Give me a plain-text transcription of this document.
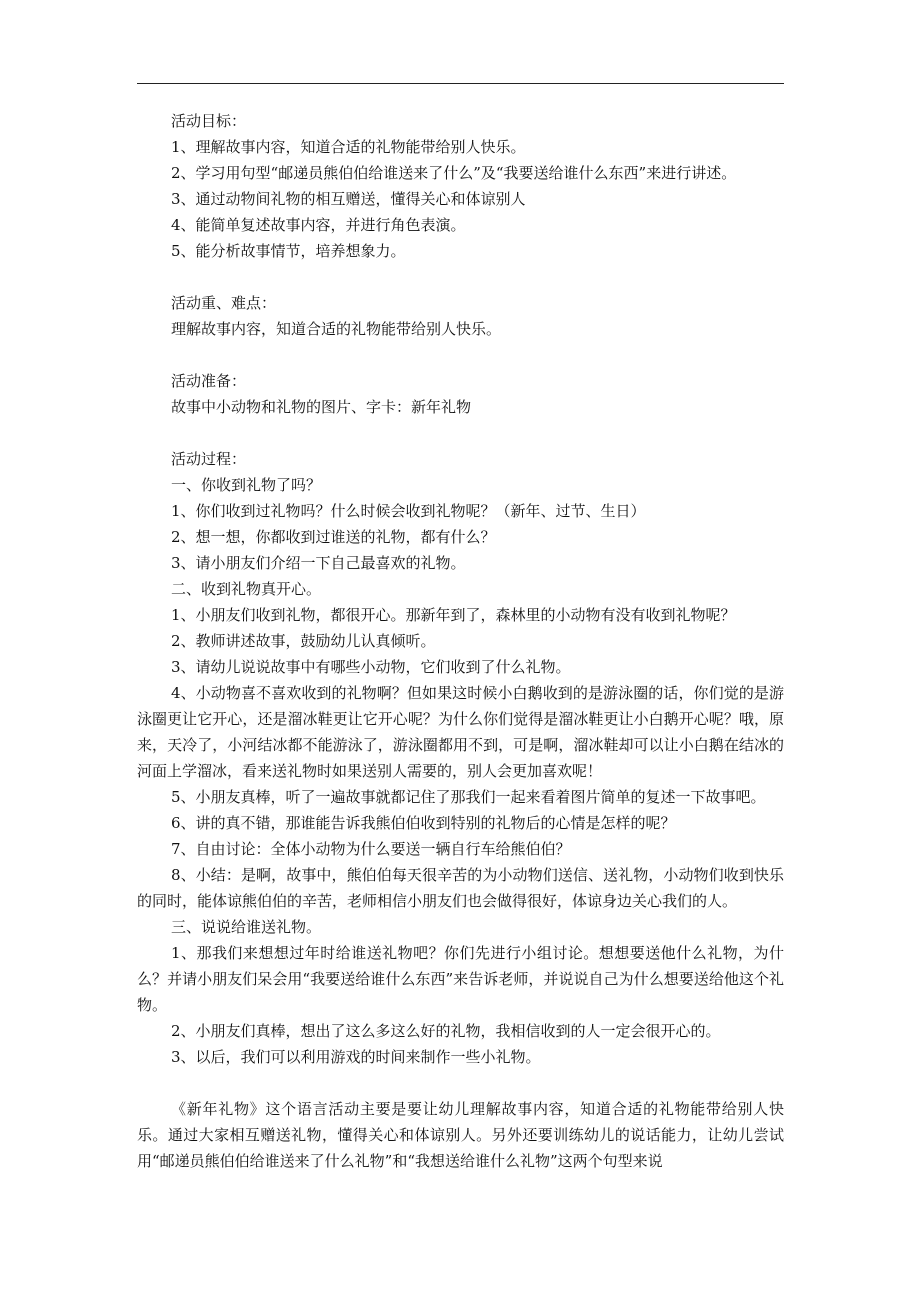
活动目标：

1、理解故事内容，知道合适的礼物能带给别人快乐。

2、学习用句型“邮递员熊伯伯给谁送来了什么”及“我要送给谁什么东西”来进行讲述。

3、通过动物间礼物的相互赠送，懂得关心和体谅别人

4、能简单复述故事内容，并进行角色表演。

5、能分析故事情节，培养想象力。

活动重、难点：

理解故事内容，知道合适的礼物能带给别人快乐。

活动准备：

故事中小动物和礼物的图片、字卡：新年礼物

活动过程：

一、你收到礼物了吗？

1、你们收到过礼物吗？什么时候会收到礼物呢？（新年、过节、生日）

2、想一想，你都收到过谁送的礼物，都有什么？

3、请小朋友们介绍一下自己最喜欢的礼物。

二、收到礼物真开心。

1、小朋友们收到礼物，都很开心。那新年到了，森林里的小动物有没有收到礼物呢？

2、教师讲述故事，鼓励幼儿认真倾听。

3、请幼儿说说故事中有哪些小动物，它们收到了什么礼物。

4、小动物喜不喜欢收到的礼物啊？但如果这时候小白鹅收到的是游泳圈的话，你们觉的是游泳圈更让它开心，还是溜冰鞋更让它开心呢？为什么你们觉得是溜冰鞋更让小白鹅开心呢？哦，原来，天冷了，小河结冰都不能游泳了，游泳圈都用不到，可是啊，溜冰鞋却可以让小白鹅在结冰的河面上学溜冰，看来送礼物时如果送别人需要的，别人会更加喜欢呢！

5、小朋友真棒，听了一遍故事就都记住了那我们一起来看着图片简单的复述一下故事吧。

6、讲的真不错，那谁能告诉我熊伯伯收到特别的礼物后的心情是怎样的呢？

7、自由讨论：全体小动物为什么要送一辆自行车给熊伯伯？

8、小结：是啊，故事中，熊伯伯每天很辛苦的为小动物们送信、送礼物，小动物们收到快乐的同时，能体谅熊伯伯的辛苦，老师相信小朋友们也会做得很好，体谅身边关心我们的人。

三、说说给谁送礼物。

1、那我们来想想过年时给谁送礼物吧？你们先进行小组讨论。想想要送他什么礼物，为什么？并请小朋友们呆会用“我要送给谁什么东西”来告诉老师，并说说自己为什么想要送给他这个礼物。

2、小朋友们真棒，想出了这么多这么好的礼物，我相信收到的人一定会很开心的。

3、以后，我们可以利用游戏的时间来制作一些小礼物。

《新年礼物》这个语言活动主要是要让幼儿理解故事内容，知道合适的礼物能带给别人快乐。通过大家相互赠送礼物，懂得关心和体谅别人。另外还要训练幼儿的说话能力，让幼儿尝试用“邮递员熊伯伯给谁送来了什么礼物”和“我想送给谁什么礼物”这两个句型来说
